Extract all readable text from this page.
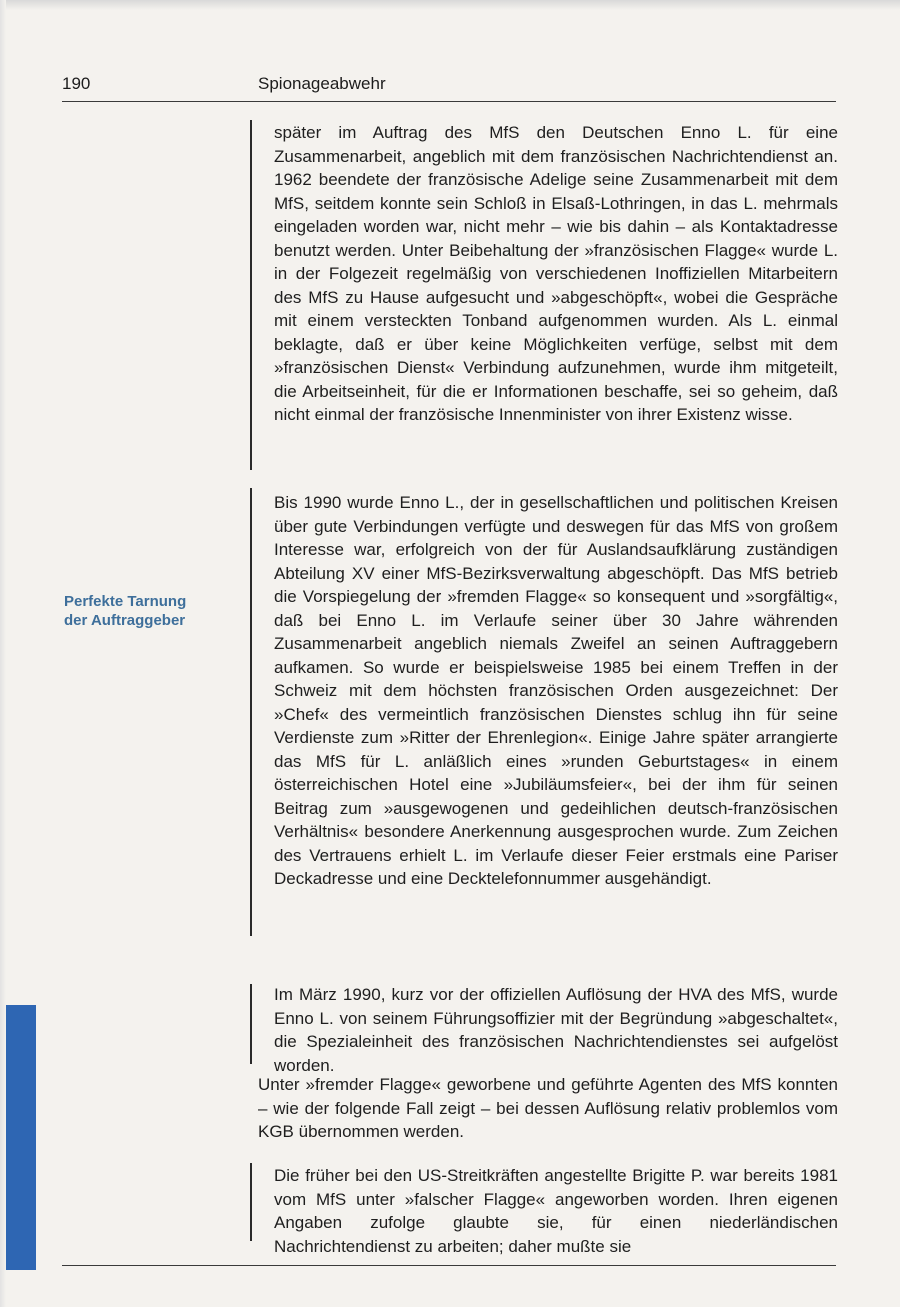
190	Spionageabwehr
Perfekte Tarnung
der Auftraggeber

später im Auftrag des MfS den Deutschen Enno L. für eine Zusammenarbeit, angeblich mit dem französischen Nachrichtendienst an. 1962 beendete der französische Adelige seine Zusammenarbeit mit dem MfS, seitdem konnte sein Schloß in Elsaß-Lothringen, in das L. mehrmals eingeladen worden war, nicht mehr – wie bis dahin – als Kontaktadresse benutzt werden. Unter Beibehaltung der »französischen Flagge« wurde L. in der Folgezeit regelmäßig von verschiedenen Inoffiziellen Mitarbeitern des MfS zu Hause aufgesucht und »abgeschöpft«, wobei die Gespräche mit einem versteckten Tonband aufgenommen wurden. Als L. einmal beklagte, daß er über keine Möglichkeiten verfüge, selbst mit dem »französischen Dienst« Verbindung aufzunehmen, wurde ihm mitgeteilt, die Arbeitseinheit, für die er Informationen beschaffe, sei so geheim, daß nicht einmal der französische Innenminister von ihrer Existenz wisse.

Bis 1990 wurde Enno L., der in gesellschaftlichen und politischen Kreisen über gute Verbindungen verfügte und deswegen für das MfS von großem Interesse war, erfolgreich von der für Auslandsaufklärung zuständigen Abteilung XV einer MfS-Bezirksverwaltung abgeschöpft. Das MfS betrieb die Vorspiegelung der »fremden Flagge« so konsequent und »sorgfältig«, daß bei Enno L. im Verlaufe seiner über 30 Jahre währenden Zusammenarbeit angeblich niemals Zweifel an seinen Auftraggebern aufkamen. So wurde er beispielsweise 1985 bei einem Treffen in der Schweiz mit dem höchsten französischen Orden ausgezeichnet: Der »Chef« des vermeintlich französischen Dienstes schlug ihn für seine Verdienste zum »Ritter der Ehrenlegion«. Einige Jahre später arrangierte das MfS für L. anläßlich eines »runden Geburtstages« in einem österreichischen Hotel eine »Jubiläumsfeier«, bei der ihm für seinen Beitrag zum »ausgewogenen und gedeihlichen deutsch-französischen Verhältnis« besondere Anerkennung ausgesprochen wurde. Zum Zeichen des Vertrauens erhielt L. im Verlaufe dieser Feier erstmals eine Pariser Deckadresse und eine Decktelefonnummer ausgehändigt.

Im März 1990, kurz vor der offiziellen Auflösung der HVA des MfS, wurde Enno L. von seinem Führungsoffizier mit der Begründung »abgeschaltet«, die Spezialeinheit des französischen Nachrichtendienstes sei aufgelöst worden.

Unter »fremder Flagge« geworbene und geführte Agenten des MfS konnten – wie der folgende Fall zeigt – bei dessen Auflösung relativ problemlos vom KGB übernommen werden.

Die früher bei den US-Streitkräften angestellte Brigitte P. war bereits 1981 vom MfS unter »falscher Flagge« angeworben worden. Ihren eigenen Angaben zufolge glaubte sie, für einen niederländischen Nachrichtendienst zu arbeiten; daher mußte sie
